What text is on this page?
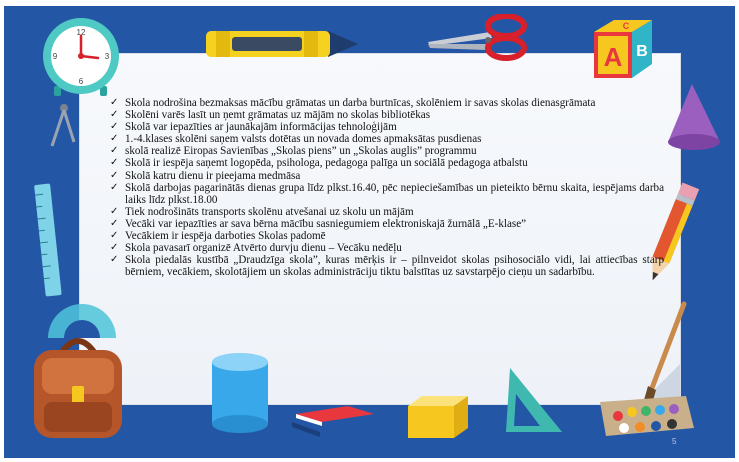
12
3
6
9	A B
C
✓ Skola nodrošina bezmaksas mācību grāmatas un darba burtnīcas, skolēniem ir savas skolas dienasgrāmata
✓ Skolēni varēs lasīt un ņemt grāmatas uz mājām no skolas bibliotēkas
✓ Skolā var iepazīties ar jaunākajām informācijas tehnoloģijām
✓ 1.-4.klases skolēni saņem valsts dotētas un novada domes apmaksātas pusdienas
✓ skolā realizē Eiropas Savienības „Skolas piens” un „Skolas auglis” programmu
✓ Skolā ir iespēja saņemt logopēda, psihologa, pedagoga palīga un sociālā pedagoga atbalstu
✓ Skolā katru dienu ir pieejama medmāsa
✓ Skolā darbojas pagarinātās dienas grupa līdz plkst.16.40, pēc nepieciešamības un pieteikto bērnu skaita, iespējams darba laiks līdz plkst.18.00
✓ Tiek nodrošināts transports skolēnu atvešanai uz skolu un mājām
✓ Vecāki var iepazīties ar sava bērna mācību sasniegumiem elektroniskajā žurnālā „E-klase”
✓ Vecākiem ir iespēja darboties Skolas padomē
✓ Skola pavasarī organizē Atvērto durvju dienu – Vecāku nedēļu
✓ Skola piedalās kustībā „Draudzīga skola”, kuras mērķis ir – pilnveidot skolas psihosociālo vidi, lai attiecības starp bērniem, vecākiem, skolotājiem un skolas administrāciju tiktu balstītas uz savstarpējo cieņu un sadarbību.
5
